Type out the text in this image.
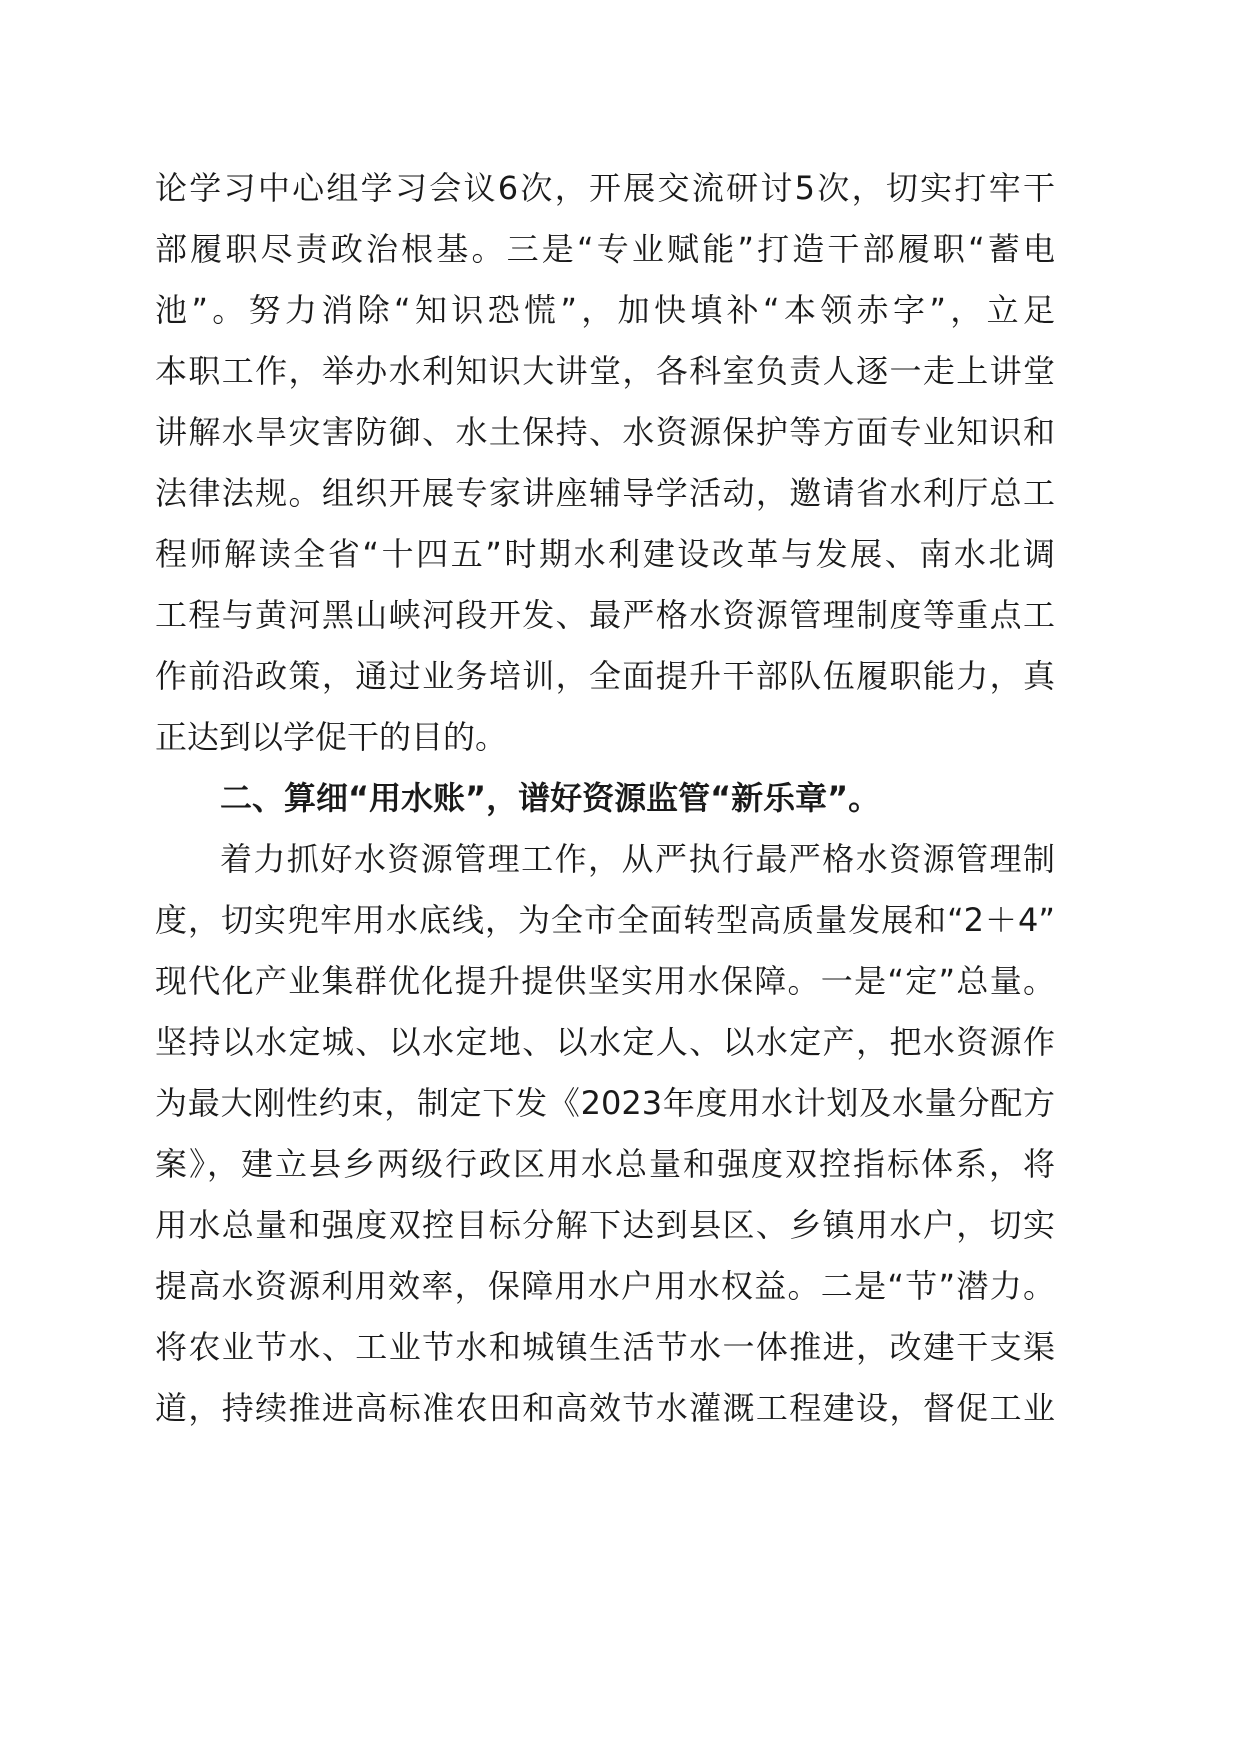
论学习中心组学习会议6次，开展交流研讨5次，切实打牢干
部履职尽责政治根基。三是“专业赋能”打造干部履职“蓄电
池”。努力消除“知识恐慌”，加快填补“本领赤字”，立足
本职工作，举办水利知识大讲堂，各科室负责人逐一走上讲堂
讲解水旱灾害防御、水土保持、水资源保护等方面专业知识和
法律法规。组织开展专家讲座辅导学活动，邀请省水利厅总工
程师解读全省“十四五”时期水利建设改革与发展、南水北调
工程与黄河黑山峡河段开发、最严格水资源管理制度等重点工
作前沿政策，通过业务培训，全面提升干部队伍履职能力，真
正达到以学促干的目的。
二、算细“用水账”，谱好资源监管“新乐章”。
着力抓好水资源管理工作，从严执行最严格水资源管理制
度，切实兜牢用水底线，为全市全面转型高质量发展和“2＋4”
现代化产业集群优化提升提供坚实用水保障。一是“定”总量。
坚持以水定城、以水定地、以水定人、以水定产，把水资源作
为最大刚性约束，制定下发《2023年度用水计划及水量分配方
案》，建立县乡两级行政区用水总量和强度双控指标体系，将
用水总量和强度双控目标分解下达到县区、乡镇用水户，切实
提高水资源利用效率，保障用水户用水权益。二是“节”潜力。
将农业节水、工业节水和城镇生活节水一体推进，改建干支渠
道，持续推进高标准农田和高效节水灌溉工程建设，督促工业
